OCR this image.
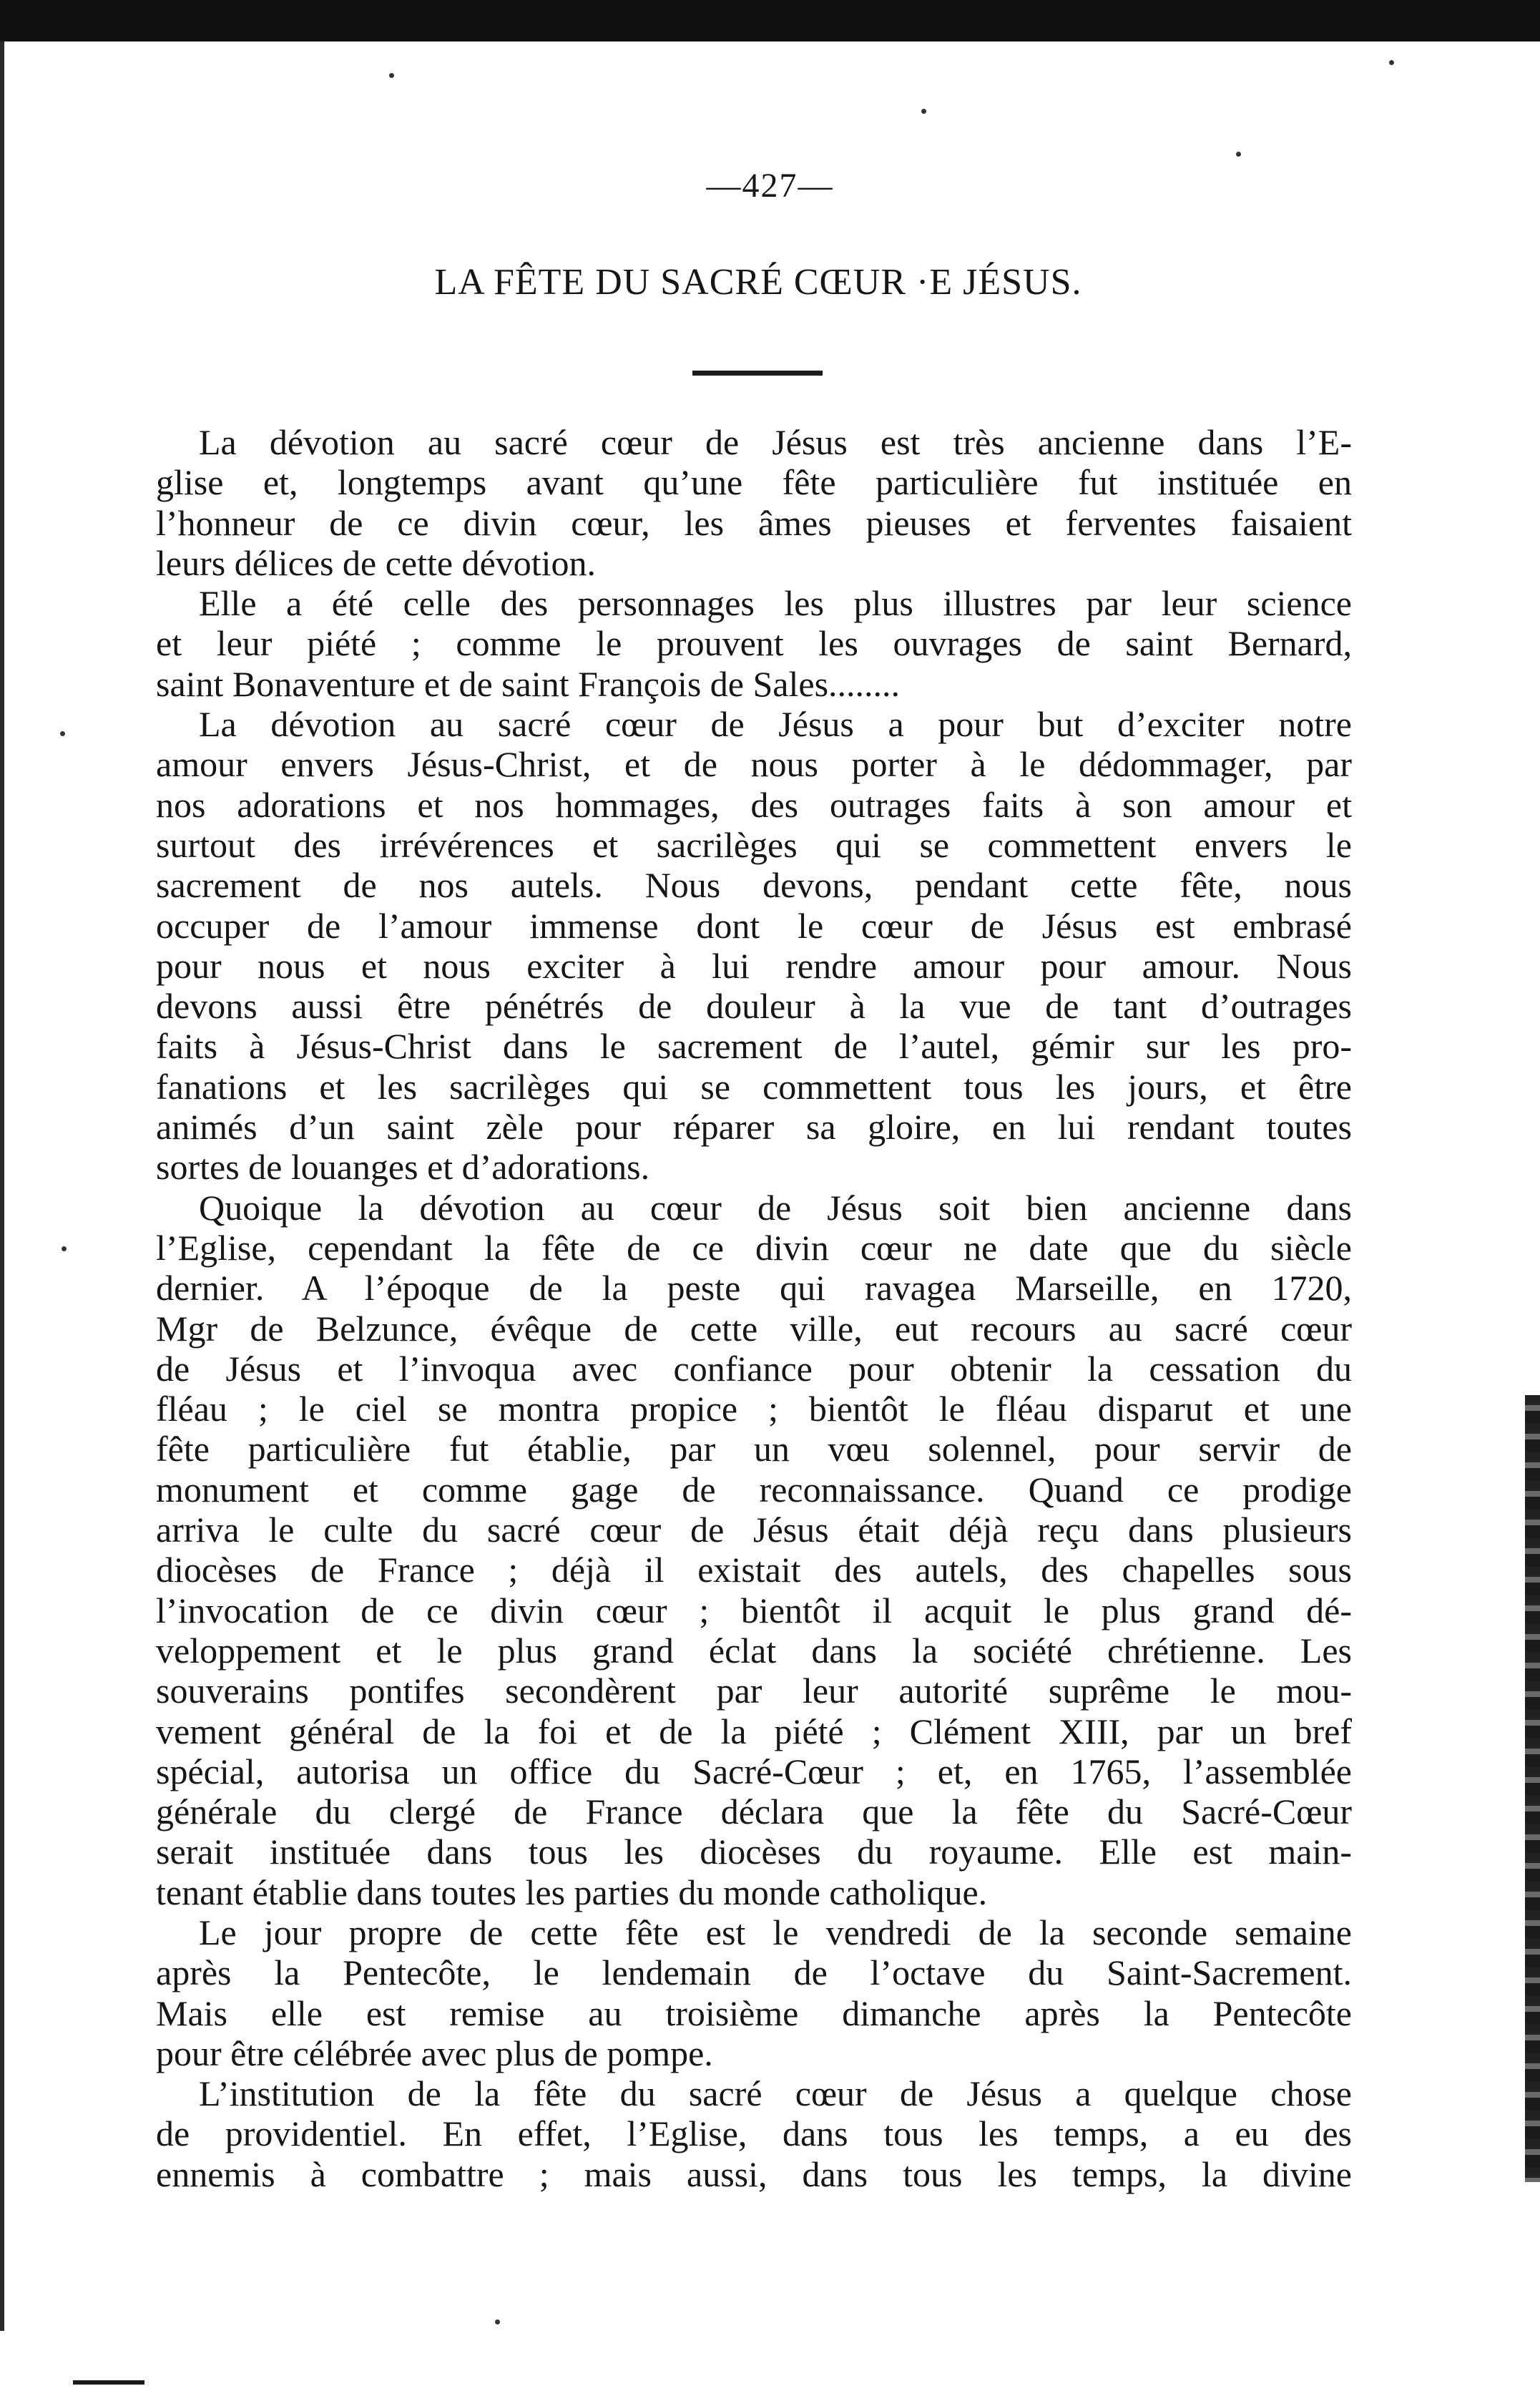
—427—
LA FÊTE DU SACRÉ CŒUR ·E JÉSUS.
La dévotion au sacré cœur de Jésus est très ancienne dans l’E-
glise et, longtemps avant qu’une fête particulière fut instituée en
l’honneur de ce divin cœur, les âmes pieuses et ferventes faisaient
leurs délices de cette dévotion.
Elle a été celle des personnages les plus illustres par leur science
et leur piété ; comme le prouvent les ouvrages de saint Bernard,
saint Bonaventure et de saint François de Sales........
La dévotion au sacré cœur de Jésus a pour but d’exciter notre
amour envers Jésus-Christ, et de nous porter à le dédommager, par
nos adorations et nos hommages, des outrages faits à son amour et
surtout des irrévérences et sacrilèges qui se commettent envers le
sacrement de nos autels. Nous devons, pendant cette fête, nous
occuper de l’amour immense dont le cœur de Jésus est embrasé
pour nous et nous exciter à lui rendre amour pour amour. Nous
devons aussi être pénétrés de douleur à la vue de tant d’outrages
faits à Jésus-Christ dans le sacrement de l’autel, gémir sur les pro-
fanations et les sacrilèges qui se commettent tous les jours, et être
animés d’un saint zèle pour réparer sa gloire, en lui rendant toutes
sortes de louanges et d’adorations.
Quoique la dévotion au cœur de Jésus soit bien ancienne dans
l’Eglise, cependant la fête de ce divin cœur ne date que du siècle
dernier. A l’époque de la peste qui ravagea Marseille, en 1720,
Mgr de Belzunce, évêque de cette ville, eut recours au sacré cœur
de Jésus et l’invoqua avec confiance pour obtenir la cessation du
fléau ; le ciel se montra propice ; bientôt le fléau disparut et une
fête particulière fut établie, par un vœu solennel, pour servir de
monument et comme gage de reconnaissance. Quand ce prodige
arriva le culte du sacré cœur de Jésus était déjà reçu dans plusieurs
diocèses de France ; déjà il existait des autels, des chapelles sous
l’invocation de ce divin cœur ; bientôt il acquit le plus grand dé-
veloppement et le plus grand éclat dans la société chrétienne. Les
souverains pontifes secondèrent par leur autorité suprême le mou-
vement général de la foi et de la piété ; Clément XIII, par un bref
spécial, autorisa un office du Sacré-Cœur ; et, en 1765, l’assemblée
générale du clergé de France déclara que la fête du Sacré-Cœur
serait instituée dans tous les diocèses du royaume. Elle est main-
tenant établie dans toutes les parties du monde catholique.
Le jour propre de cette fête est le vendredi de la seconde semaine
après la Pentecôte, le lendemain de l’octave du Saint-Sacrement.
Mais elle est remise au troisième dimanche après la Pentecôte
pour être célébrée avec plus de pompe.
L’institution de la fête du sacré cœur de Jésus a quelque chose
de providentiel. En effet, l’Eglise, dans tous les temps, a eu des
ennemis à combattre ; mais aussi, dans tous les temps, la divine
